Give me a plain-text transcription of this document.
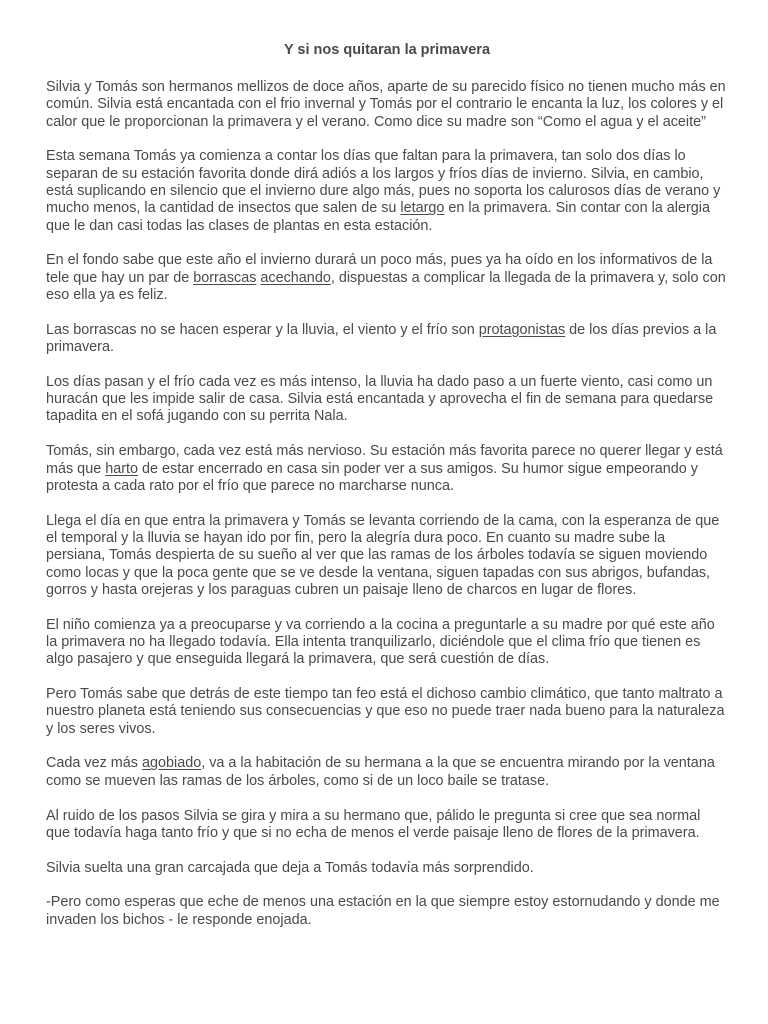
Y si nos quitaran la primavera

Silvia y Tomás son hermanos mellizos de doce años, aparte de su parecido físico no tienen mucho más en común. Silvia está encantada con el frio invernal y Tomás por el contrario le encanta la luz, los colores y el calor que le proporcionan la primavera y el verano. Como dice su madre son “Como el agua y el aceite”

Esta semana Tomás ya comienza a contar los días que faltan para la primavera, tan solo dos días lo separan de su estación favorita donde dirá adiós a los largos y fríos días de invierno. Silvia, en cambio, está suplicando en silencio que el invierno dure algo más, pues no soporta los calurosos días de verano y mucho menos, la cantidad de insectos que salen de su letargo en la primavera. Sin contar con la alergia que le dan casi todas las clases de plantas en esta estación.

En el fondo sabe que este año el invierno durará un poco más, pues ya ha oído en los informativos de la tele que hay un par de borrascas acechando, dispuestas a complicar la llegada de la primavera y, solo con eso ella ya es feliz.

Las borrascas no se hacen esperar y la lluvia, el viento y el frío son protagonistas de los días previos a la primavera.

Los días pasan y el frío cada vez es más intenso, la lluvia ha dado paso a un fuerte viento, casi como un huracán que les impide salir de casa. Silvia está encantada y aprovecha el fin de semana para quedarse tapadita en el sofá jugando con su perrita Nala.

Tomás, sin embargo, cada vez está más nervioso. Su estación más favorita parece no querer llegar y está más que harto de estar encerrado en casa sin poder ver a sus amigos. Su humor sigue empeorando y protesta a cada rato por el frío que parece no marcharse nunca.

Llega el día en que entra la primavera y Tomás se levanta corriendo de la cama, con la esperanza de que el temporal y la lluvia se hayan ido por fin, pero la alegría dura poco. En cuanto su madre sube la persiana, Tomás despierta de su sueño al ver que las ramas de los árboles todavía se siguen moviendo como locas y que la poca gente que se ve desde la ventana, siguen tapadas con sus abrigos, bufandas, gorros y hasta orejeras y los paraguas cubren un paisaje lleno de charcos en lugar de flores.

El niño comienza ya a preocuparse y va corriendo a la cocina a preguntarle a su madre por qué este año la primavera no ha llegado todavía. Ella intenta tranquilizarlo, diciéndole que el clima frío que tienen es algo pasajero y que enseguida llegará la primavera, que será cuestión de días.

Pero Tomás sabe que detrás de este tiempo tan feo está el dichoso cambio climático, que tanto maltrato a nuestro planeta está teniendo sus consecuencias y que eso no puede traer nada bueno para la naturaleza y los seres vivos.

Cada vez más agobiado, va a la habitación de su hermana a la que se encuentra mirando por la ventana como se mueven las ramas de los árboles, como si de un loco baile se tratase.

Al ruido de los pasos Silvia se gira y mira a su hermano que, pálido le pregunta si cree que sea normal que todavía haga tanto frío y que si no echa de menos el verde paisaje lleno de flores de la primavera.

Silvia suelta una gran carcajada que deja a Tomás todavía más sorprendido.

-Pero como esperas que eche de menos una estación en la que siempre estoy estornudando y donde me invaden los bichos - le responde enojada.
